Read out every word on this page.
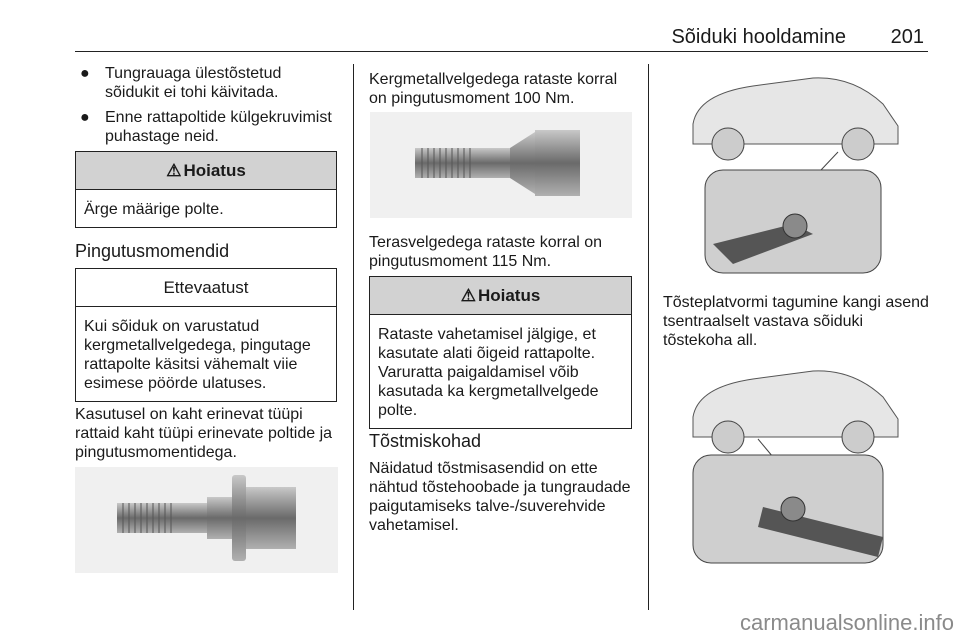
Sõiduki hooldamine 201
● Tungrauaga ülestõstetud sõidukit ei tohi käivitada.
● Enne rattapoltide külgekruvimist puhastage neid.
⚠ Hoiatus
Ärge määrige polte.
Pingutusmomendid
Ettevaatust
Kui sõiduk on varustatud kergmetallvelgedega, pingutage rattapolte käsitsi vähemalt viie esimese pöörde ulatuses.
Kasutusel on kaht erinevat tüüpi rattaid kaht tüüpi erinevate poltide ja pingutusmomentidega.
Kergmetallvelgedega rataste korral on pingutusmoment 100 Nm.
Terasvelgedega rataste korral on pingutusmoment 115 Nm.
⚠ Hoiatus
Rataste vahetamisel jälgige, et kasutate alati õigeid rattapolte. Varuratta paigaldamisel võib kasutada ka kergmetallvelgede polte.
Tõstmiskohad
Näidatud tõstmisasendid on ette nähtud tõstehoobade ja tungraudade paigutamiseks talve-/suverehvide vahetamisel.
Tõsteplatvormi tagumine kangi asend tsentraalselt vastava sõiduki tõstekoha all.
carmanualsonline.info
